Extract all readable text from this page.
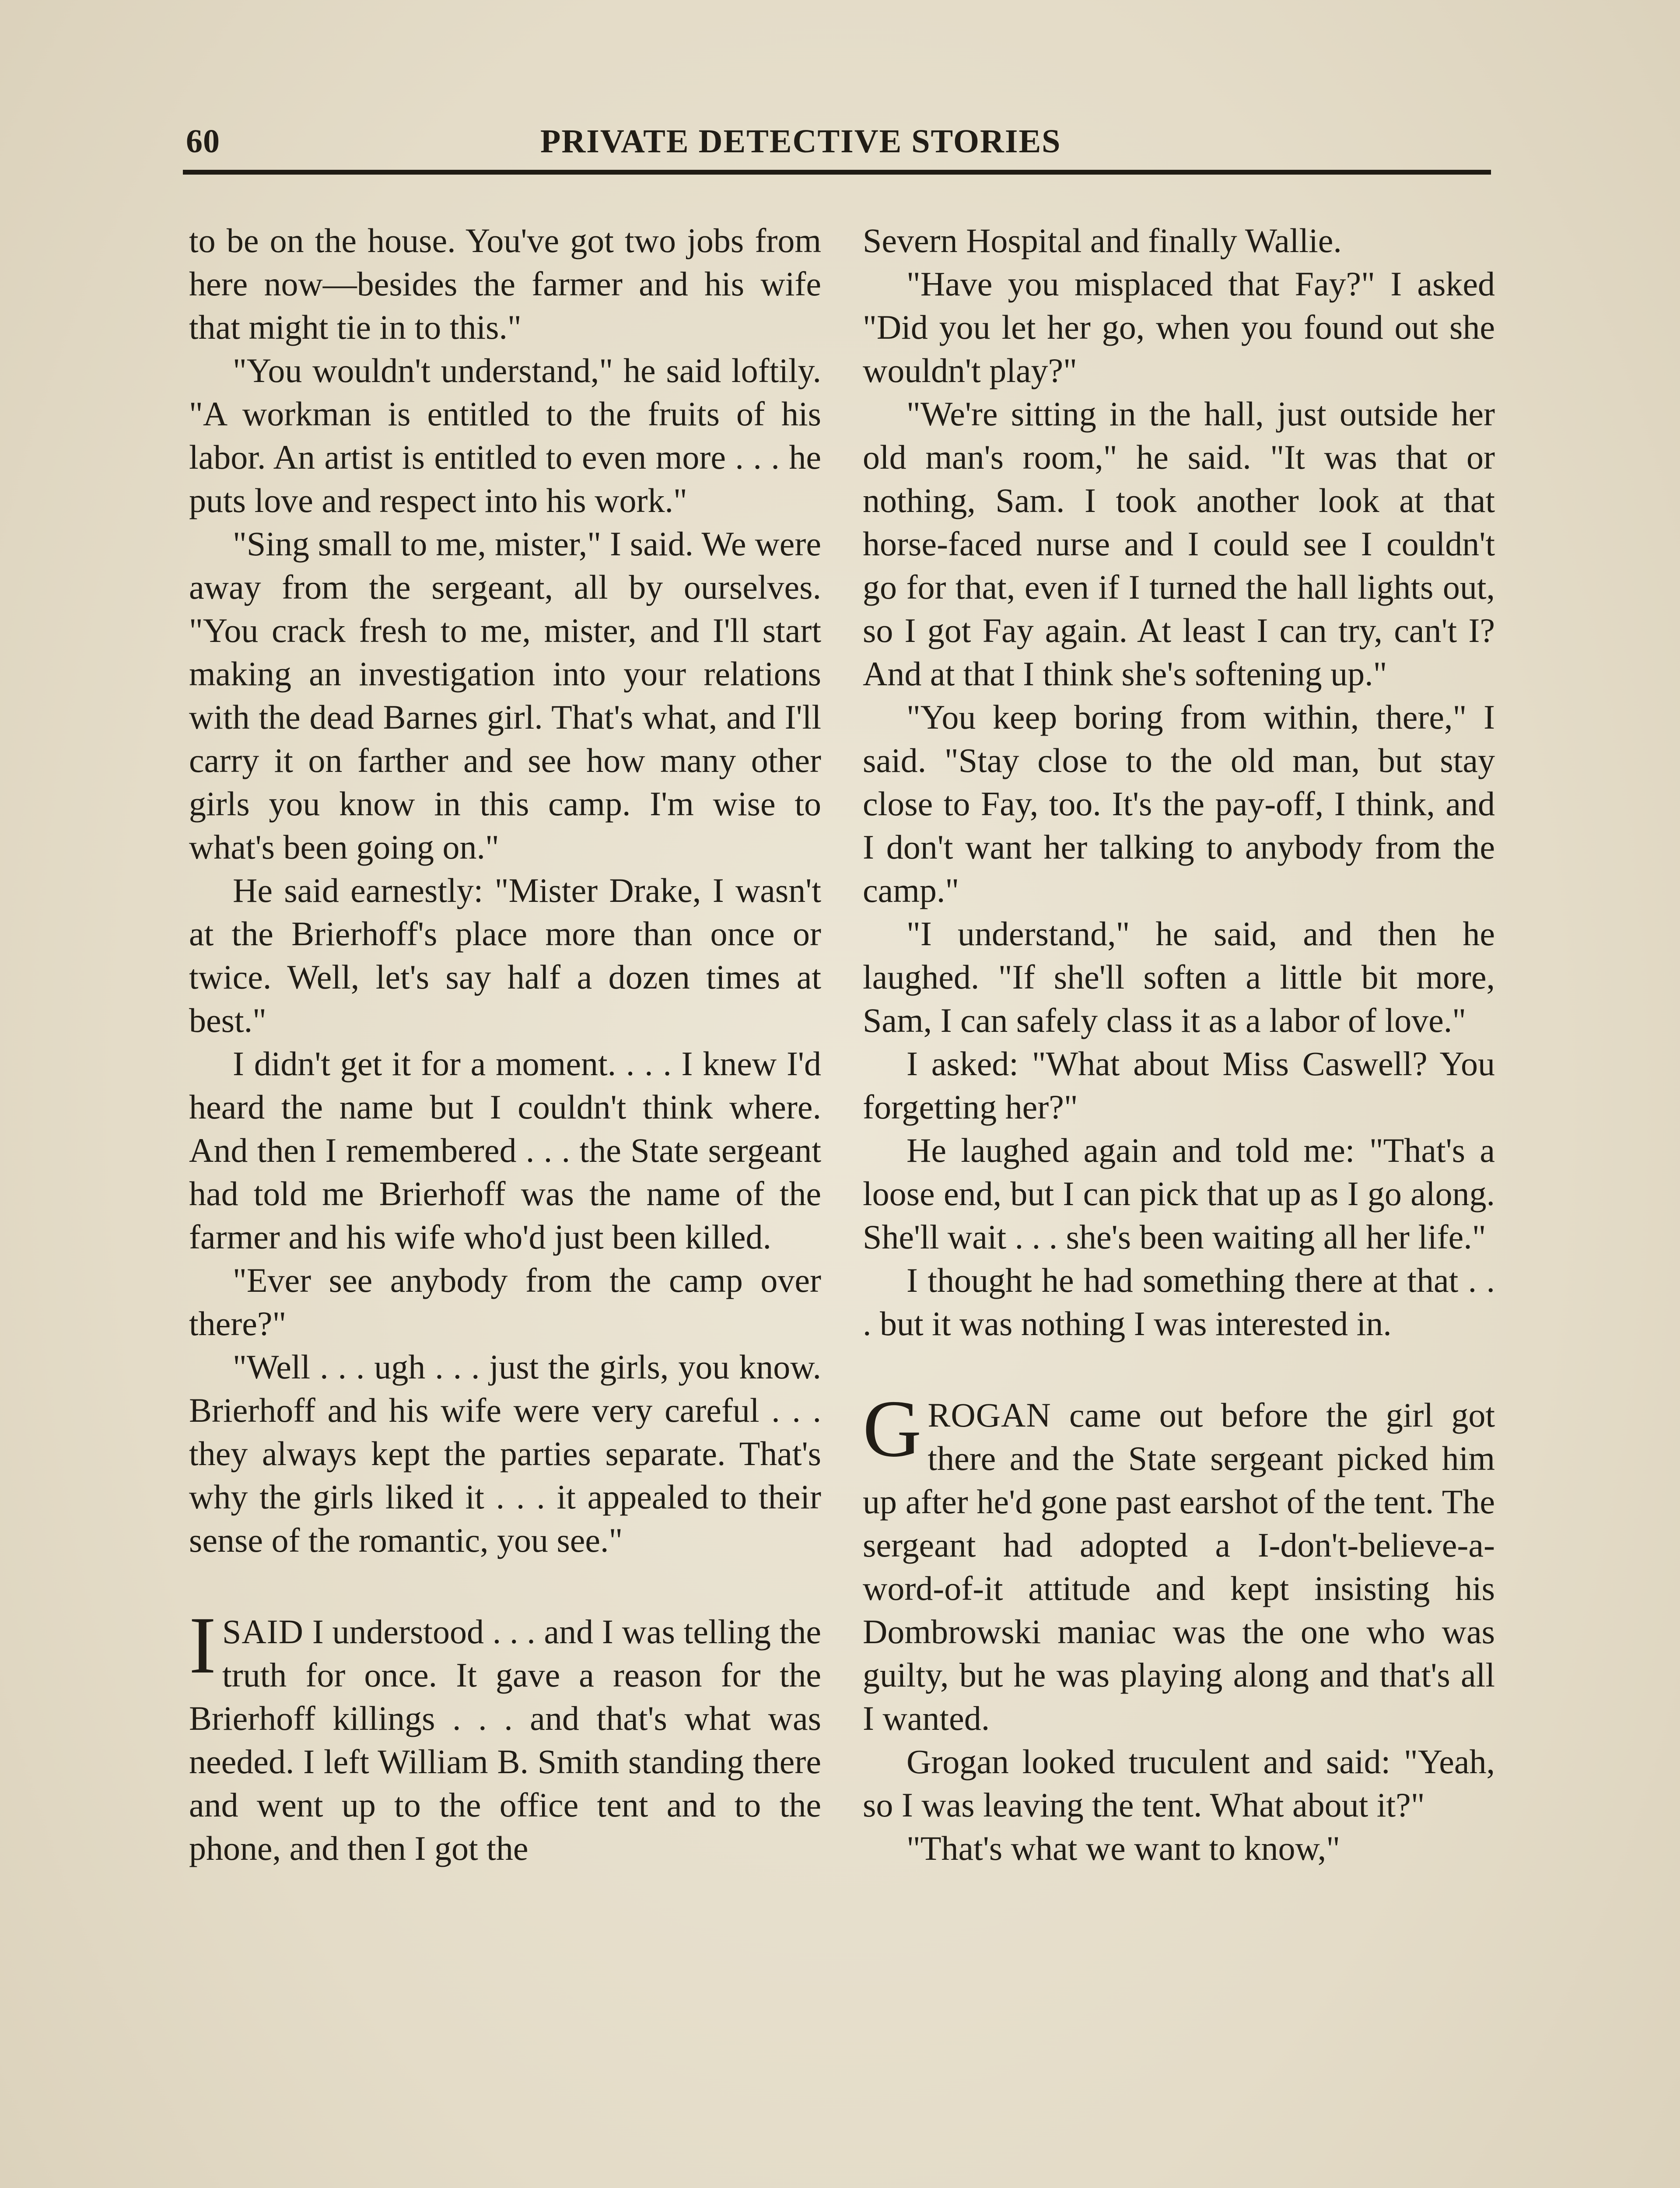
60	PRIVATE DETECTIVE STORIES

to be on the house. You've got two jobs from here now—besides the farmer and his wife that might tie in to this."

"You wouldn't understand," he said loftily. "A workman is entitled to the fruits of his labor. An artist is entitled to even more . . . he puts love and respect into his work."

"Sing small to me, mister," I said. We were away from the sergeant, all by ourselves. "You crack fresh to me, mister, and I'll start making an investigation into your relations with the dead Barnes girl. That's what, and I'll carry it on farther and see how many other girls you know in this camp. I'm wise to what's been going on."

He said earnestly: "Mister Drake, I wasn't at the Brierhoff's place more than once or twice. Well, let's say half a dozen times at best."

I didn't get it for a moment. . . . I knew I'd heard the name but I couldn't think where. And then I remembered . . . the State sergeant had told me Brierhoff was the name of the farmer and his wife who'd just been killed.

"Ever see anybody from the camp over there?"

"Well . . . ugh . . . just the girls, you know. Brierhoff and his wife were very careful . . . they always kept the parties separate. That's why the girls liked it . . . it appealed to their sense of the romantic, you see."

ISAID I understood . . . and I was telling the truth for once. It gave a reason for the Brierhoff killings . . . and that's what was needed. I left William B. Smith standing there and went up to the office tent and to the phone, and then I got the

Severn Hospital and finally Wallie.

"Have you misplaced that Fay?" I asked "Did you let her go, when you found out she wouldn't play?"

"We're sitting in the hall, just outside her old man's room," he said. "It was that or nothing, Sam. I took another look at that horse-faced nurse and I could see I couldn't go for that, even if I turned the hall lights out, so I got Fay again. At least I can try, can't I? And at that I think she's softening up."

"You keep boring from within, there," I said. "Stay close to the old man, but stay close to Fay, too. It's the pay-off, I think, and I don't want her talking to anybody from the camp."

"I understand," he said, and then he laughed. "If she'll soften a little bit more, Sam, I can safely class it as a labor of love."

I asked: "What about Miss Caswell? You forgetting her?"

He laughed again and told me: "That's a loose end, but I can pick that up as I go along. She'll wait . . . she's been waiting all her life."

I thought he had something there at that . . . but it was nothing I was interested in.

GROGAN came out before the girl got there and the State sergeant picked him up after he'd gone past earshot of the tent. The sergeant had adopted a I-don't-believe-a-word-of-it attitude and kept insisting his Dombrowski maniac was the one who was guilty, but he was playing along and that's all I wanted.

Grogan looked truculent and said: "Yeah, so I was leaving the tent. What about it?"

"That's what we want to know,"
